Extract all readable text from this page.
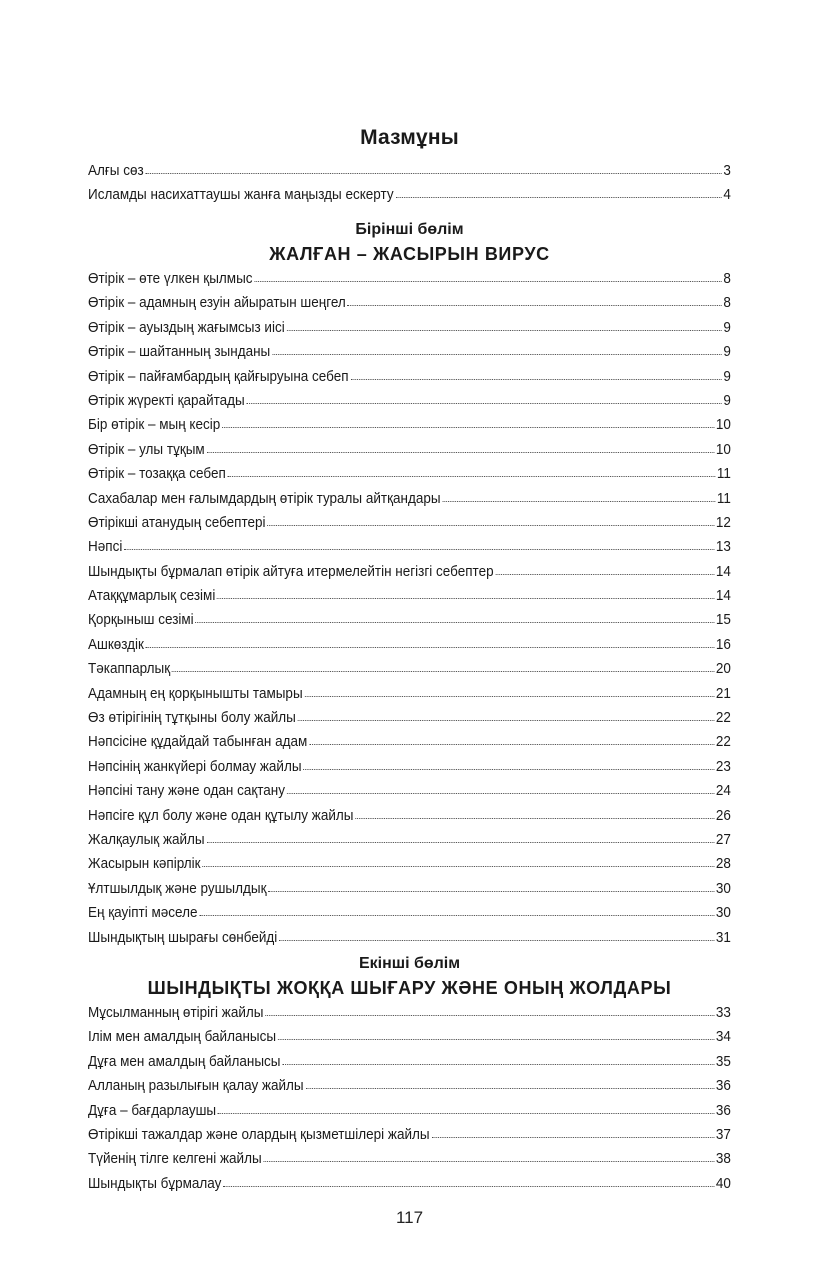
Мазмұны
Алғы сөз	3
Исламды насихаттаушы жанға маңызды ескерту	4
Бірінші бөлім
ЖАЛҒАН – ЖАСЫРЫН ВИРУС
Өтірік – өте үлкен қылмыс	8
Өтірік – адамның езуін айыратын шеңгел	8
Өтірік – ауыздың жағымсыз иісі	9
Өтірік – шайтанның зынданы	9
Өтірік – пайғамбардың қайғыруына себеп	9
Өтірік жүректі қарайтады	9
Бір өтірік – мың кесір	10
Өтірік – улы тұқым	10
Өтірік – тозаққа себеп	11
Сахабалар мен ғалымдардың өтірік туралы айтқандары	11
Өтірікші атанудың себептері	12
Нәпсі	13
Шындықты бұрмалап өтірік айтуға итермелейтін негізгі себептер	14
Атаққұмарлық сезімі	14
Қорқыныш сезімі	15
Ашкөздік	16
Тәкаппарлық	20
Адамның ең қорқынышты тамыры	21
Өз өтірігінің тұтқыны болу жайлы	22
Нәпсісіне құдайдай табынған адам	22
Нәпсінің жанкүйері болмау жайлы	23
Нәпсіні тану және одан сақтану	24
Нәпсіге құл болу және одан құтылу жайлы	26
Жалқаулық жайлы	27
Жасырын кәпірлік	28
Ұлтшылдық және рушылдық	30
Ең қауіпті мәселе	30
Шындықтың шырағы сөнбейді	31
Екінші бөлім
ШЫНДЫҚТЫ ЖОҚҚА ШЫҒАРУ ЖӘНЕ ОНЫҢ ЖОЛДАРЫ
Мұсылманның өтірігі жайлы	33
Ілім мен амалдың байланысы	34
Дұға мен амалдың байланысы	35
Алланың разылығын қалау жайлы	36
Дұға – бағдарлаушы	36
Өтірікші тажалдар және олардың қызметшілері жайлы	37
Түйенің тілге келгені жайлы	38
Шындықты бұрмалау	40
117
